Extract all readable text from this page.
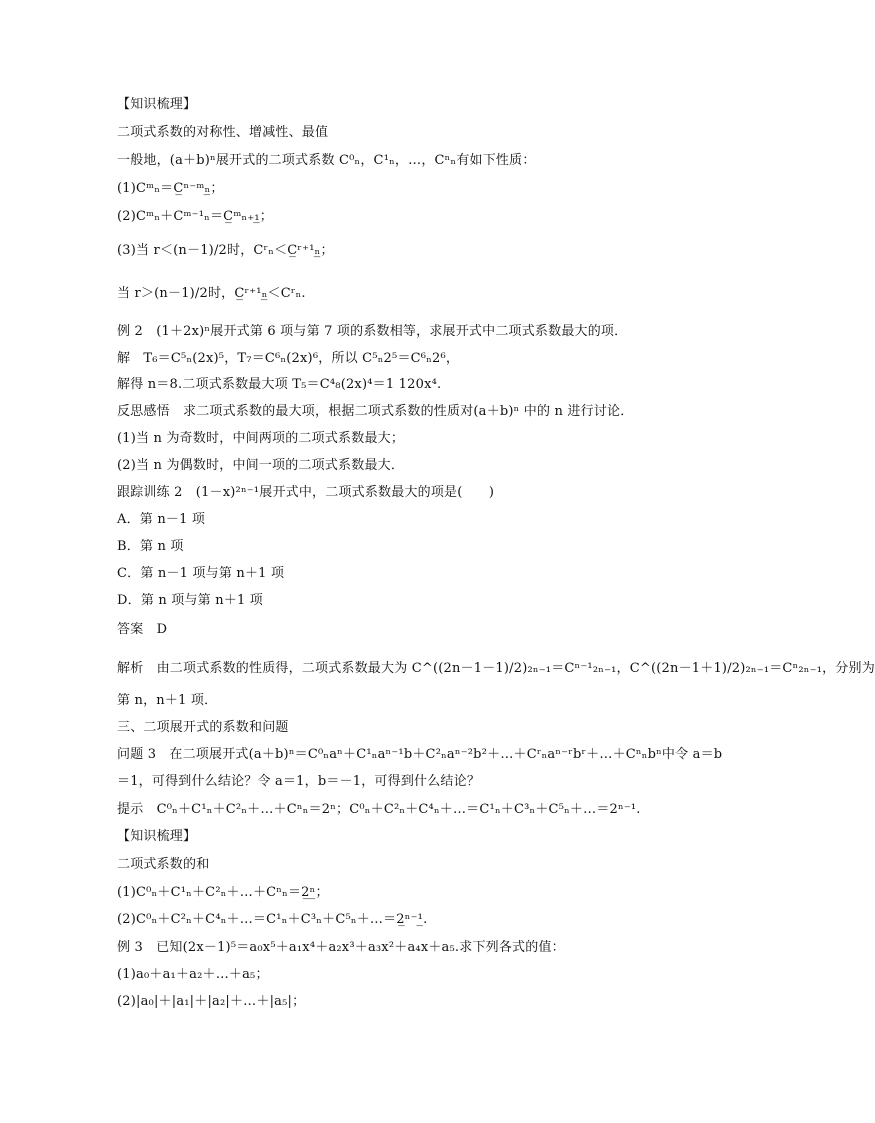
【知识梳理】
二项式系数的对称性、增减性、最值
一般地，(a＋b)ⁿ展开式的二项式系数 C⁰ₙ，C¹ₙ，…，Cⁿₙ有如下性质：
(1)Cᵐₙ＝C̲ⁿ⁻ᵐₙ̲；
(2)Cᵐₙ＋Cᵐ⁻¹ₙ＝C̲ᵐₙ₊₁̲；
(3)当 r＜(n－1)/2时，Cʳₙ＜C̲ʳ⁺¹ₙ̲；
当 r＞(n－1)/2时，C̲ʳ⁺¹ₙ̲＜Cʳₙ.
例 2　(1＋2x)ⁿ展开式第 6 项与第 7 项的系数相等，求展开式中二项式系数最大的项．
解　T₆＝C⁵ₙ(2x)⁵，T₇＝C⁶ₙ(2x)⁶，所以 C⁵ₙ2⁵＝C⁶ₙ2⁶，
解得 n＝8.二项式系数最大项 T₅＝C⁴₈(2x)⁴＝1 120x⁴.
反思感悟　求二项式系数的最大项，根据二项式系数的性质对(a＋b)ⁿ 中的 n 进行讨论．
(1)当 n 为奇数时，中间两项的二项式系数最大；
(2)当 n 为偶数时，中间一项的二项式系数最大．
跟踪训练 2　(1－x)²ⁿ⁻¹展开式中，二项式系数最大的项是(　　)
A．第 n－1 项
B．第 n 项
C．第 n－1 项与第 n＋1 项
D．第 n 项与第 n＋1 项
答案　D
解析　由二项式系数的性质得，二项式系数最大为 C^((2n－1－1)/2)₂ₙ₋₁＝Cⁿ⁻¹₂ₙ₋₁，C^((2n－1＋1)/2)₂ₙ₋₁＝Cⁿ₂ₙ₋₁，分别为
第 n，n＋1 项．
三、二项展开式的系数和问题
问题 3　在二项展开式(a＋b)ⁿ＝C⁰ₙaⁿ＋C¹ₙaⁿ⁻¹b＋C²ₙaⁿ⁻²b²＋…＋Cʳₙaⁿ⁻ʳbʳ＋…＋Cⁿₙbⁿ中令 a＝b
＝1，可得到什么结论？令 a＝1，b＝－1，可得到什么结论？
提示　C⁰ₙ＋C¹ₙ＋C²ₙ＋…＋Cⁿₙ＝2ⁿ；C⁰ₙ＋C²ₙ＋C⁴ₙ＋…＝C¹ₙ＋C³ₙ＋C⁵ₙ＋…＝2ⁿ⁻¹.
【知识梳理】
二项式系数的和
(1)C⁰ₙ＋C¹ₙ＋C²ₙ＋…＋Cⁿₙ＝2̲ⁿ̲；
(2)C⁰ₙ＋C²ₙ＋C⁴ₙ＋…＝C¹ₙ＋C³ₙ＋C⁵ₙ＋…＝2̲ⁿ⁻¹̲.
例 3　已知(2x－1)⁵＝a₀x⁵＋a₁x⁴＋a₂x³＋a₃x²＋a₄x＋a₅.求下列各式的值：
(1)a₀＋a₁＋a₂＋…＋a₅；
(2)|a₀|＋|a₁|＋|a₂|＋…＋|a₅|；
